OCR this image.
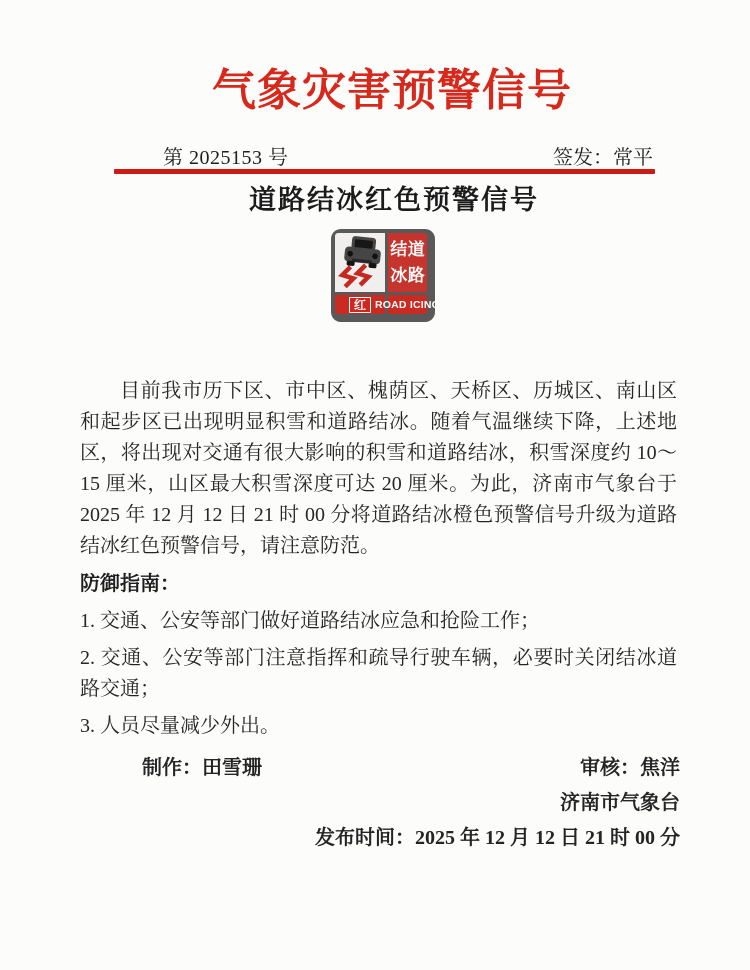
气象灾害预警信号
第 2025153 号	签发：常平
道路结冰红色预警信号
结 道
冰 路
红 ROAD ICING

目前我市历下区、市中区、槐荫区、天桥区、历城区、南山区和起步区已出现明显积雪和道路结冰。随着气温继续下降，上述地区，将出现对交通有很大影响的积雪和道路结冰，积雪深度约 10～15 厘米，山区最大积雪深度可达 20 厘米。为此，济南市气象台于 2025 年 12 月 12 日 21 时 00 分将道路结冰橙色预警信号升级为道路结冰红色预警信号，请注意防范。

防御指南：
1. 交通、公安等部门做好道路结冰应急和抢险工作；
2. 交通、公安等部门注意指挥和疏导行驶车辆，必要时关闭结冰道路交通；
3. 人员尽量减少外出。
制作：田雪珊	审核：焦洋
济南市气象台
发布时间：2025 年 12 月 12 日 21 时 00 分
